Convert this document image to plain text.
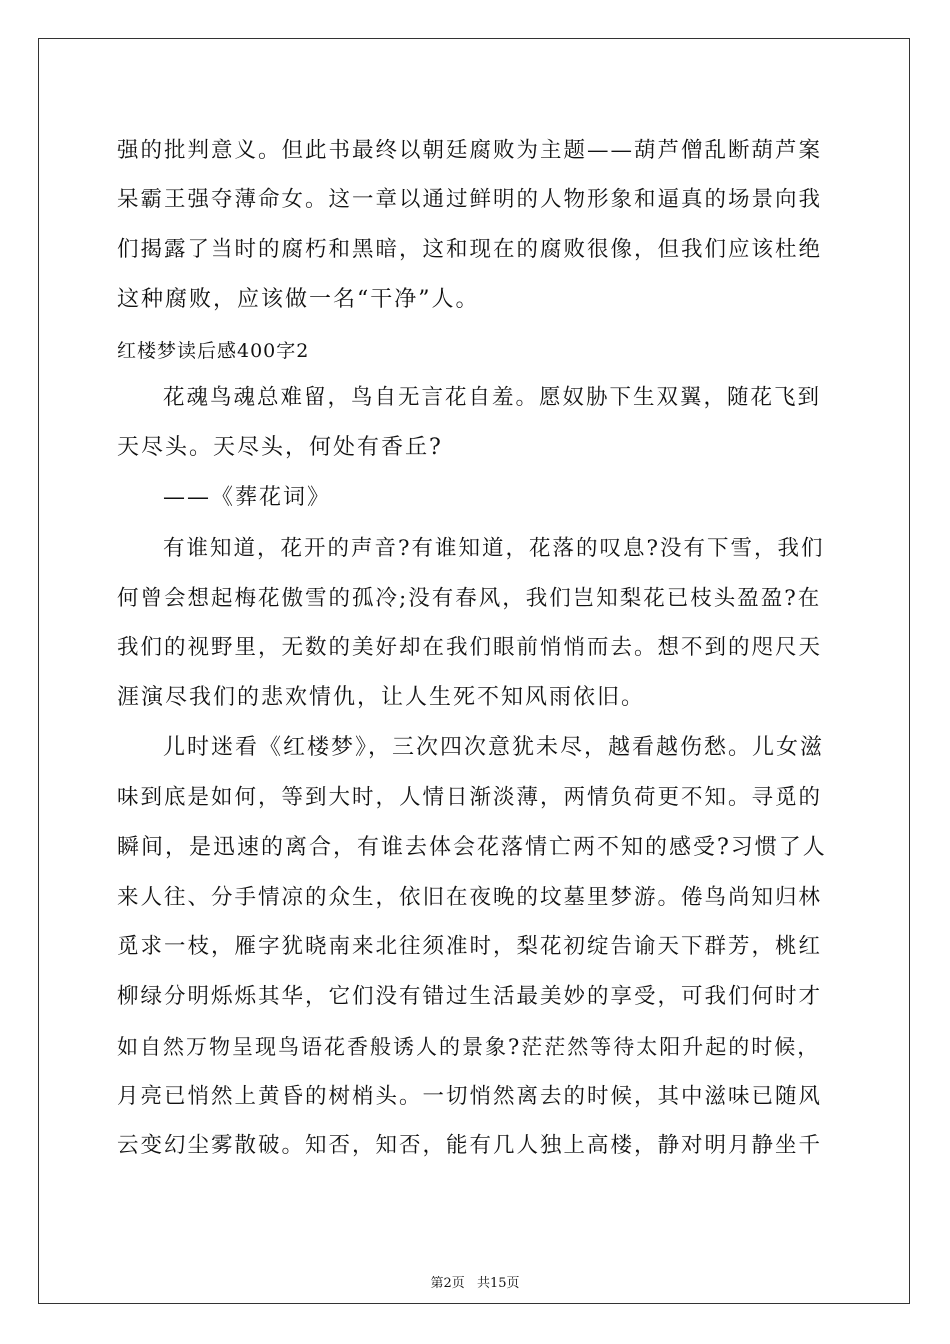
强的批判意义。但此书最终以朝廷腐败为主题——葫芦僧乱断葫芦案
呆霸王强夺薄命女。这一章以通过鲜明的人物形象和逼真的场景向我
们揭露了当时的腐朽和黑暗，这和现在的腐败很像，但我们应该杜绝
这种腐败，应该做一名“干净”人。
红楼梦读后感400字2
花魂鸟魂总难留，鸟自无言花自羞。愿奴胁下生双翼，随花飞到
天尽头。天尽头，何处有香丘?
——《葬花词》
有谁知道，花开的声音?有谁知道，花落的叹息?没有下雪，我们
何曾会想起梅花傲雪的孤冷;没有春风，我们岂知梨花已枝头盈盈?在
我们的视野里，无数的美好却在我们眼前悄悄而去。想不到的咫尺天
涯演尽我们的悲欢情仇，让人生死不知风雨依旧。
儿时迷看《红楼梦》，三次四次意犹未尽，越看越伤愁。儿女滋
味到底是如何，等到大时，人情日渐淡薄，两情负荷更不知。寻觅的
瞬间，是迅速的离合，有谁去体会花落情亡两不知的感受?习惯了人
来人往、分手情凉的众生，依旧在夜晚的坟墓里梦游。倦鸟尚知归林
觅求一枝，雁字犹晓南来北往须准时，梨花初绽告谕天下群芳，桃红
柳绿分明烁烁其华，它们没有错过生活最美妙的享受，可我们何时才
如自然万物呈现鸟语花香般诱人的景象?茫茫然等待太阳升起的时候，
月亮已悄然上黄昏的树梢头。一切悄然离去的时候，其中滋味已随风
云变幻尘雾散破。知否，知否，能有几人独上高楼，静对明月静坐千
第2页 共15页
